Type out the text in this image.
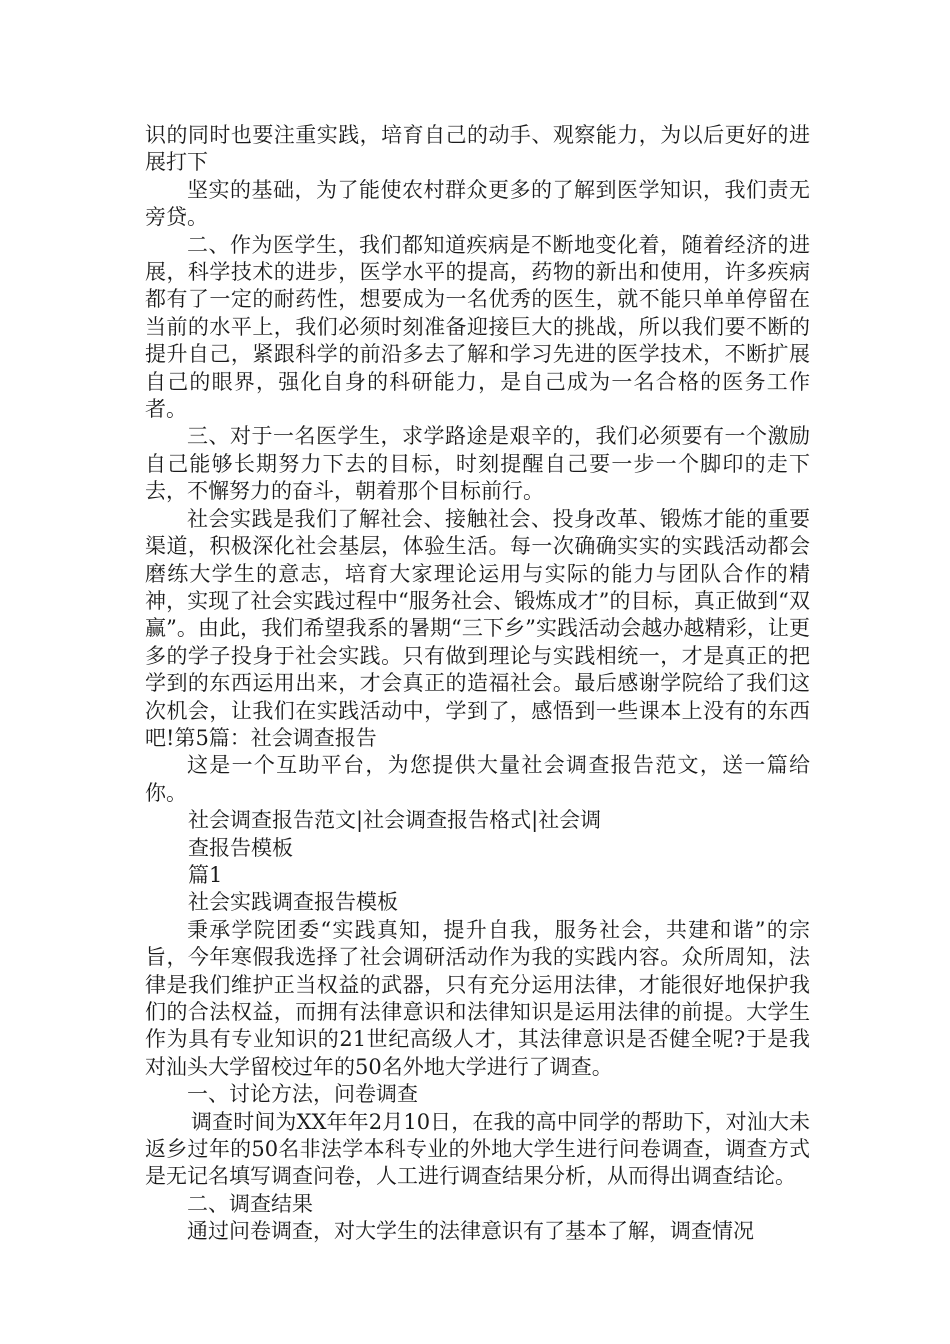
识的同时也要注重实践，培育自己的动手、观察能力，为以后更好的进展打下

坚实的基础，为了能使农村群众更多的了解到医学知识，我们责无旁贷。

二、作为医学生，我们都知道疾病是不断地变化着，随着经济的进展，科学技术的进步，医学水平的提高，药物的新出和使用，许多疾病都有了一定的耐药性，想要成为一名优秀的医生，就不能只单单停留在当前的水平上，我们必须时刻准备迎接巨大的挑战，所以我们要不断的提升自己，紧跟科学的前沿多去了解和学习先进的医学技术，不断扩展自己的眼界，强化自身的科研能力，是自己成为一名合格的医务工作者。

三、对于一名医学生，求学路途是艰辛的，我们必须要有一个激励自己能够长期努力下去的目标，时刻提醒自己要一步一个脚印的走下去，不懈努力的奋斗，朝着那个目标前行。

社会实践是我们了解社会、接触社会、投身改革、锻炼才能的重要渠道，积极深化社会基层，体验生活。每一次确确实实的实践活动都会磨练大学生的意志，培育大家理论运用与实际的能力与团队合作的精神，实现了社会实践过程中“服务社会、锻炼成才”的目标，真正做到“双赢”。由此，我们希望我系的暑期“三下乡”实践活动会越办越精彩，让更多的学子投身于社会实践。只有做到理论与实践相统一，才是真正的把学到的东西运用出来，才会真正的造福社会。最后感谢学院给了我们这次机会，让我们在实践活动中，学到了，感悟到一些课本上没有的东西吧!第5篇：社会调查报告

这是一个互助平台，为您提供大量社会调查报告范文，送一篇给你。

社会调查报告范文|社会调查报告格式|社会调

查报告模板

篇1

社会实践调查报告模板

秉承学院团委“实践真知，提升自我，服务社会，共建和谐”的宗旨，今年寒假我选择了社会调研活动作为我的实践内容。众所周知，法律是我们维护正当权益的武器，只有充分运用法律，才能很好地保护我们的合法权益，而拥有法律意识和法律知识是运用法律的前提。大学生作为具有专业知识的21世纪高级人才，其法律意识是否健全呢?于是我对汕头大学留校过年的50名外地大学进行了调查。

一、讨论方法，问卷调查

调查时间为XX年年2月10日，在我的高中同学的帮助下，对汕大未返乡过年的50名非法学本科专业的外地大学生进行问卷调查，调查方式是无记名填写调查问卷，人工进行调查结果分析，从而得出调查结论。

二、调查结果

通过问卷调查，对大学生的法律意识有了基本了解，调查情况
